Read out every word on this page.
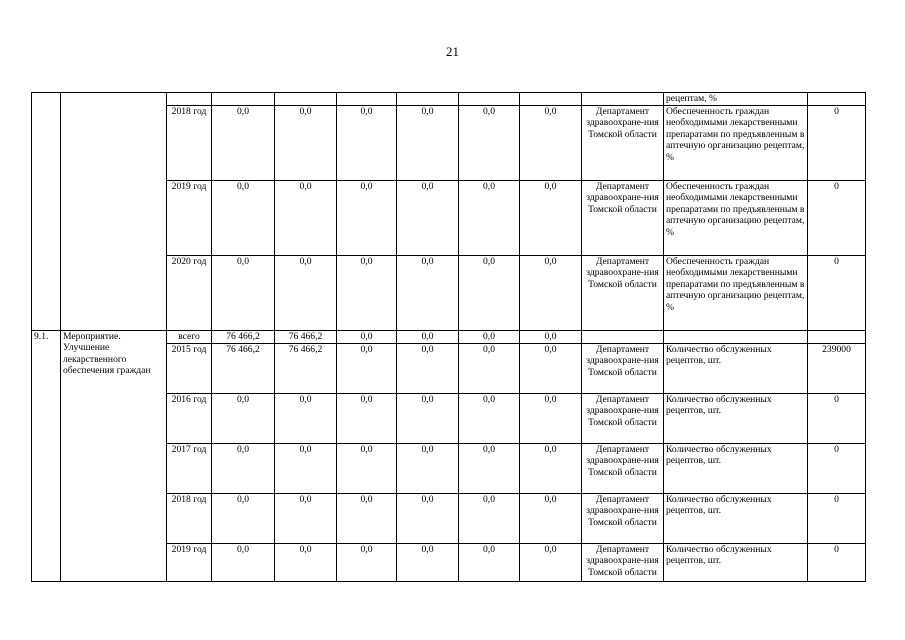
21
										рецептам, %	
		2018 год	0,0	0,0	0,0	0,0	0,0	0,0	Департамент здравоохране-ния Томской области	Обеспеченность граждан необходимыми лекарственными препаратами по предъявленным в аптечную организацию рецептам, %	0
		2019 год	0,0	0,0	0,0	0,0	0,0	0,0	Департамент здравоохране-ния Томской области	Обеспеченность граждан необходимыми лекарственными препаратами по предъявленным в аптечную организацию рецептам, %	0
		2020 год	0,0	0,0	0,0	0,0	0,0	0,0	Департамент здравоохране-ния Томской области	Обеспеченность граждан необходимыми лекарственными препаратами по предъявленным в аптечную организацию рецептам, %	0
9.1.	Мероприятие. Улучшение лекарственного обеспечения граждан	всего	76 466,2	76 466,2	0,0	0,0	0,0	0,0			
		2015 год	76 466,2	76 466,2	0,0	0,0	0,0	0,0	Департамент здравоохране-ния Томской области	Количество обслуженных рецептов, шт.	239000
		2016 год	0,0	0,0	0,0	0,0	0,0	0,0	Департамент здравоохране-ния Томской области	Количество обслуженных рецептов, шт.	0
		2017 год	0,0	0,0	0,0	0,0	0,0	0,0	Департамент здравоохране-ния Томской области	Количество обслуженных рецептов, шт.	0
		2018 год	0,0	0,0	0,0	0,0	0,0	0,0	Департамент здравоохране-ния Томской области	Количество обслуженных рецептов, шт.	0
		2019 год	0,0	0,0	0,0	0,0	0,0	0,0	Департамент здравоохране-ния Томской области	Количество обслуженных рецептов, шт.	0
